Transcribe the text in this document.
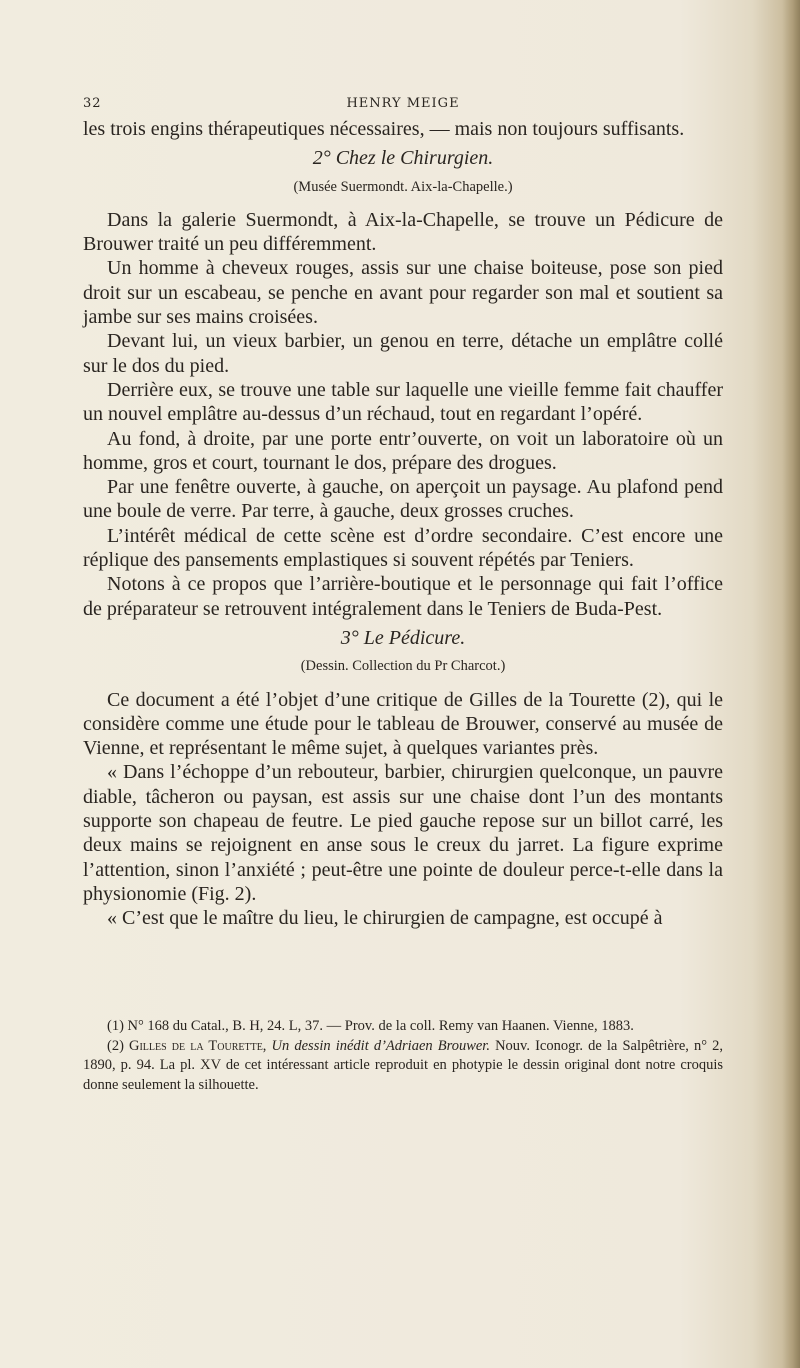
32	HENRY MEIGE

les trois engins thérapeutiques nécessaires, — mais non toujours suffisants.

2° Chez le Chirurgien.

(Musée Suermondt. Aix-la-Chapelle.)

Dans la galerie Suermondt, à Aix-la-Chapelle, se trouve un Pédicure de Brouwer traité un peu différemment.

Un homme à cheveux rouges, assis sur une chaise boiteuse, pose son pied droit sur un escabeau, se penche en avant pour regarder son mal et soutient sa jambe sur ses mains croisées.

Devant lui, un vieux barbier, un genou en terre, détache un emplâtre collé sur le dos du pied.

Derrière eux, se trouve une table sur laquelle une vieille femme fait chauffer un nouvel emplâtre au-dessus d’un réchaud, tout en regardant l’opéré.

Au fond, à droite, par une porte entr’ouverte, on voit un laboratoire où un homme, gros et court, tournant le dos, prépare des drogues.

Par une fenêtre ouverte, à gauche, on aperçoit un paysage. Au plafond pend une boule de verre. Par terre, à gauche, deux grosses cruches.

L’intérêt médical de cette scène est d’ordre secondaire. C’est encore une réplique des pansements emplastiques si souvent répétés par Teniers.

Notons à ce propos que l’arrière-boutique et le personnage qui fait l’office de préparateur se retrouvent intégralement dans le Teniers de Buda-Pest.

3° Le Pédicure.

(Dessin. Collection du Pr Charcot.)

Ce document a été l’objet d’une critique de Gilles de la Tourette (2), qui le considère comme une étude pour le tableau de Brouwer, conservé au musée de Vienne, et représentant le même sujet, à quelques variantes près.

« Dans l’échoppe d’un rebouteur, barbier, chirurgien quelconque, un pauvre diable, tâcheron ou paysan, est assis sur une chaise dont l’un des montants supporte son chapeau de feutre. Le pied gauche repose sur un billot carré, les deux mains se rejoignent en anse sous le creux du jarret. La figure exprime l’attention, sinon l’anxiété ; peut-être une pointe de douleur perce-t-elle dans la physionomie (Fig. 2).

« C’est que le maître du lieu, le chirurgien de campagne, est occupé à

(1) N° 168 du Catal., B. H, 24. L, 37. — Prov. de la coll. Remy van Haanen. Vienne, 1883.

(2) Gilles de la Tourette, Un dessin inédit d’Adriaen Brouwer. Nouv. Iconogr. de la Salpêtrière, n° 2, 1890, p. 94. La pl. XV de cet intéressant article reproduit en photypie le dessin original dont notre croquis donne seulement la silhouette.
